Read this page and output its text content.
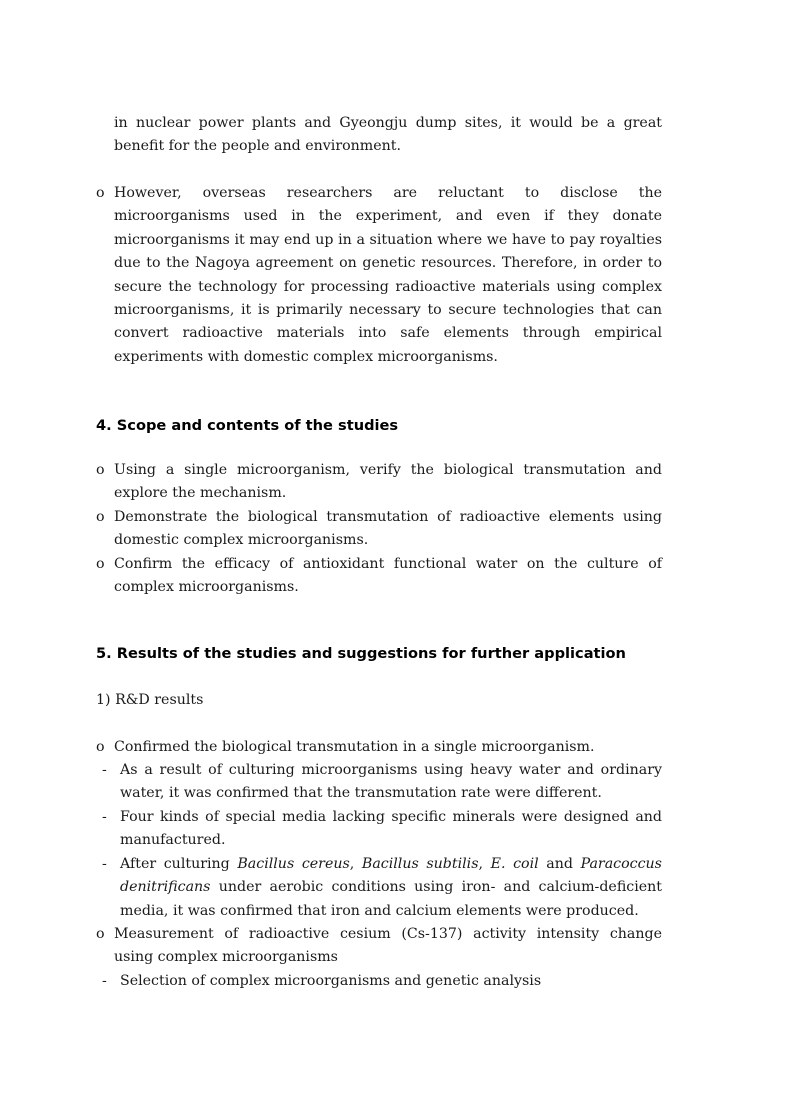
in nuclear power plants and Gyeongju dump sites, it would be a great benefit for the people and environment.

o However, overseas researchers are reluctant to disclose the microorganisms used in the experiment, and even if they donate microorganisms it may end up in a situation where we have to pay royalties due to the Nagoya agreement on genetic resources. Therefore, in order to secure the technology for processing radioactive materials using complex microorganisms, it is primarily necessary to secure technologies that can convert radioactive materials into safe elements through empirical experiments with domestic complex microorganisms.

4. Scope and contents of the studies

o Using a single microorganism, verify the biological transmutation and explore the mechanism.

o Demonstrate the biological transmutation of radioactive elements using domestic complex microorganisms.

o Confirm the efficacy of antioxidant functional water on the culture of complex microorganisms.

5. Results of the studies and suggestions for further application

1) R&D results

o Confirmed the biological transmutation in a single microorganism.

- As a result of culturing microorganisms using heavy water and ordinary water, it was confirmed that the transmutation rate were different.

- Four kinds of special media lacking specific minerals were designed and manufactured.

- After culturing Bacillus cereus, Bacillus subtilis, E. coil and Paracoccus denitrificans under aerobic conditions using iron- and calcium-deficient media, it was confirmed that iron and calcium elements were produced.

o Measurement of radioactive cesium (Cs-137) activity intensity change using complex microorganisms

- Selection of complex microorganisms and genetic analysis
